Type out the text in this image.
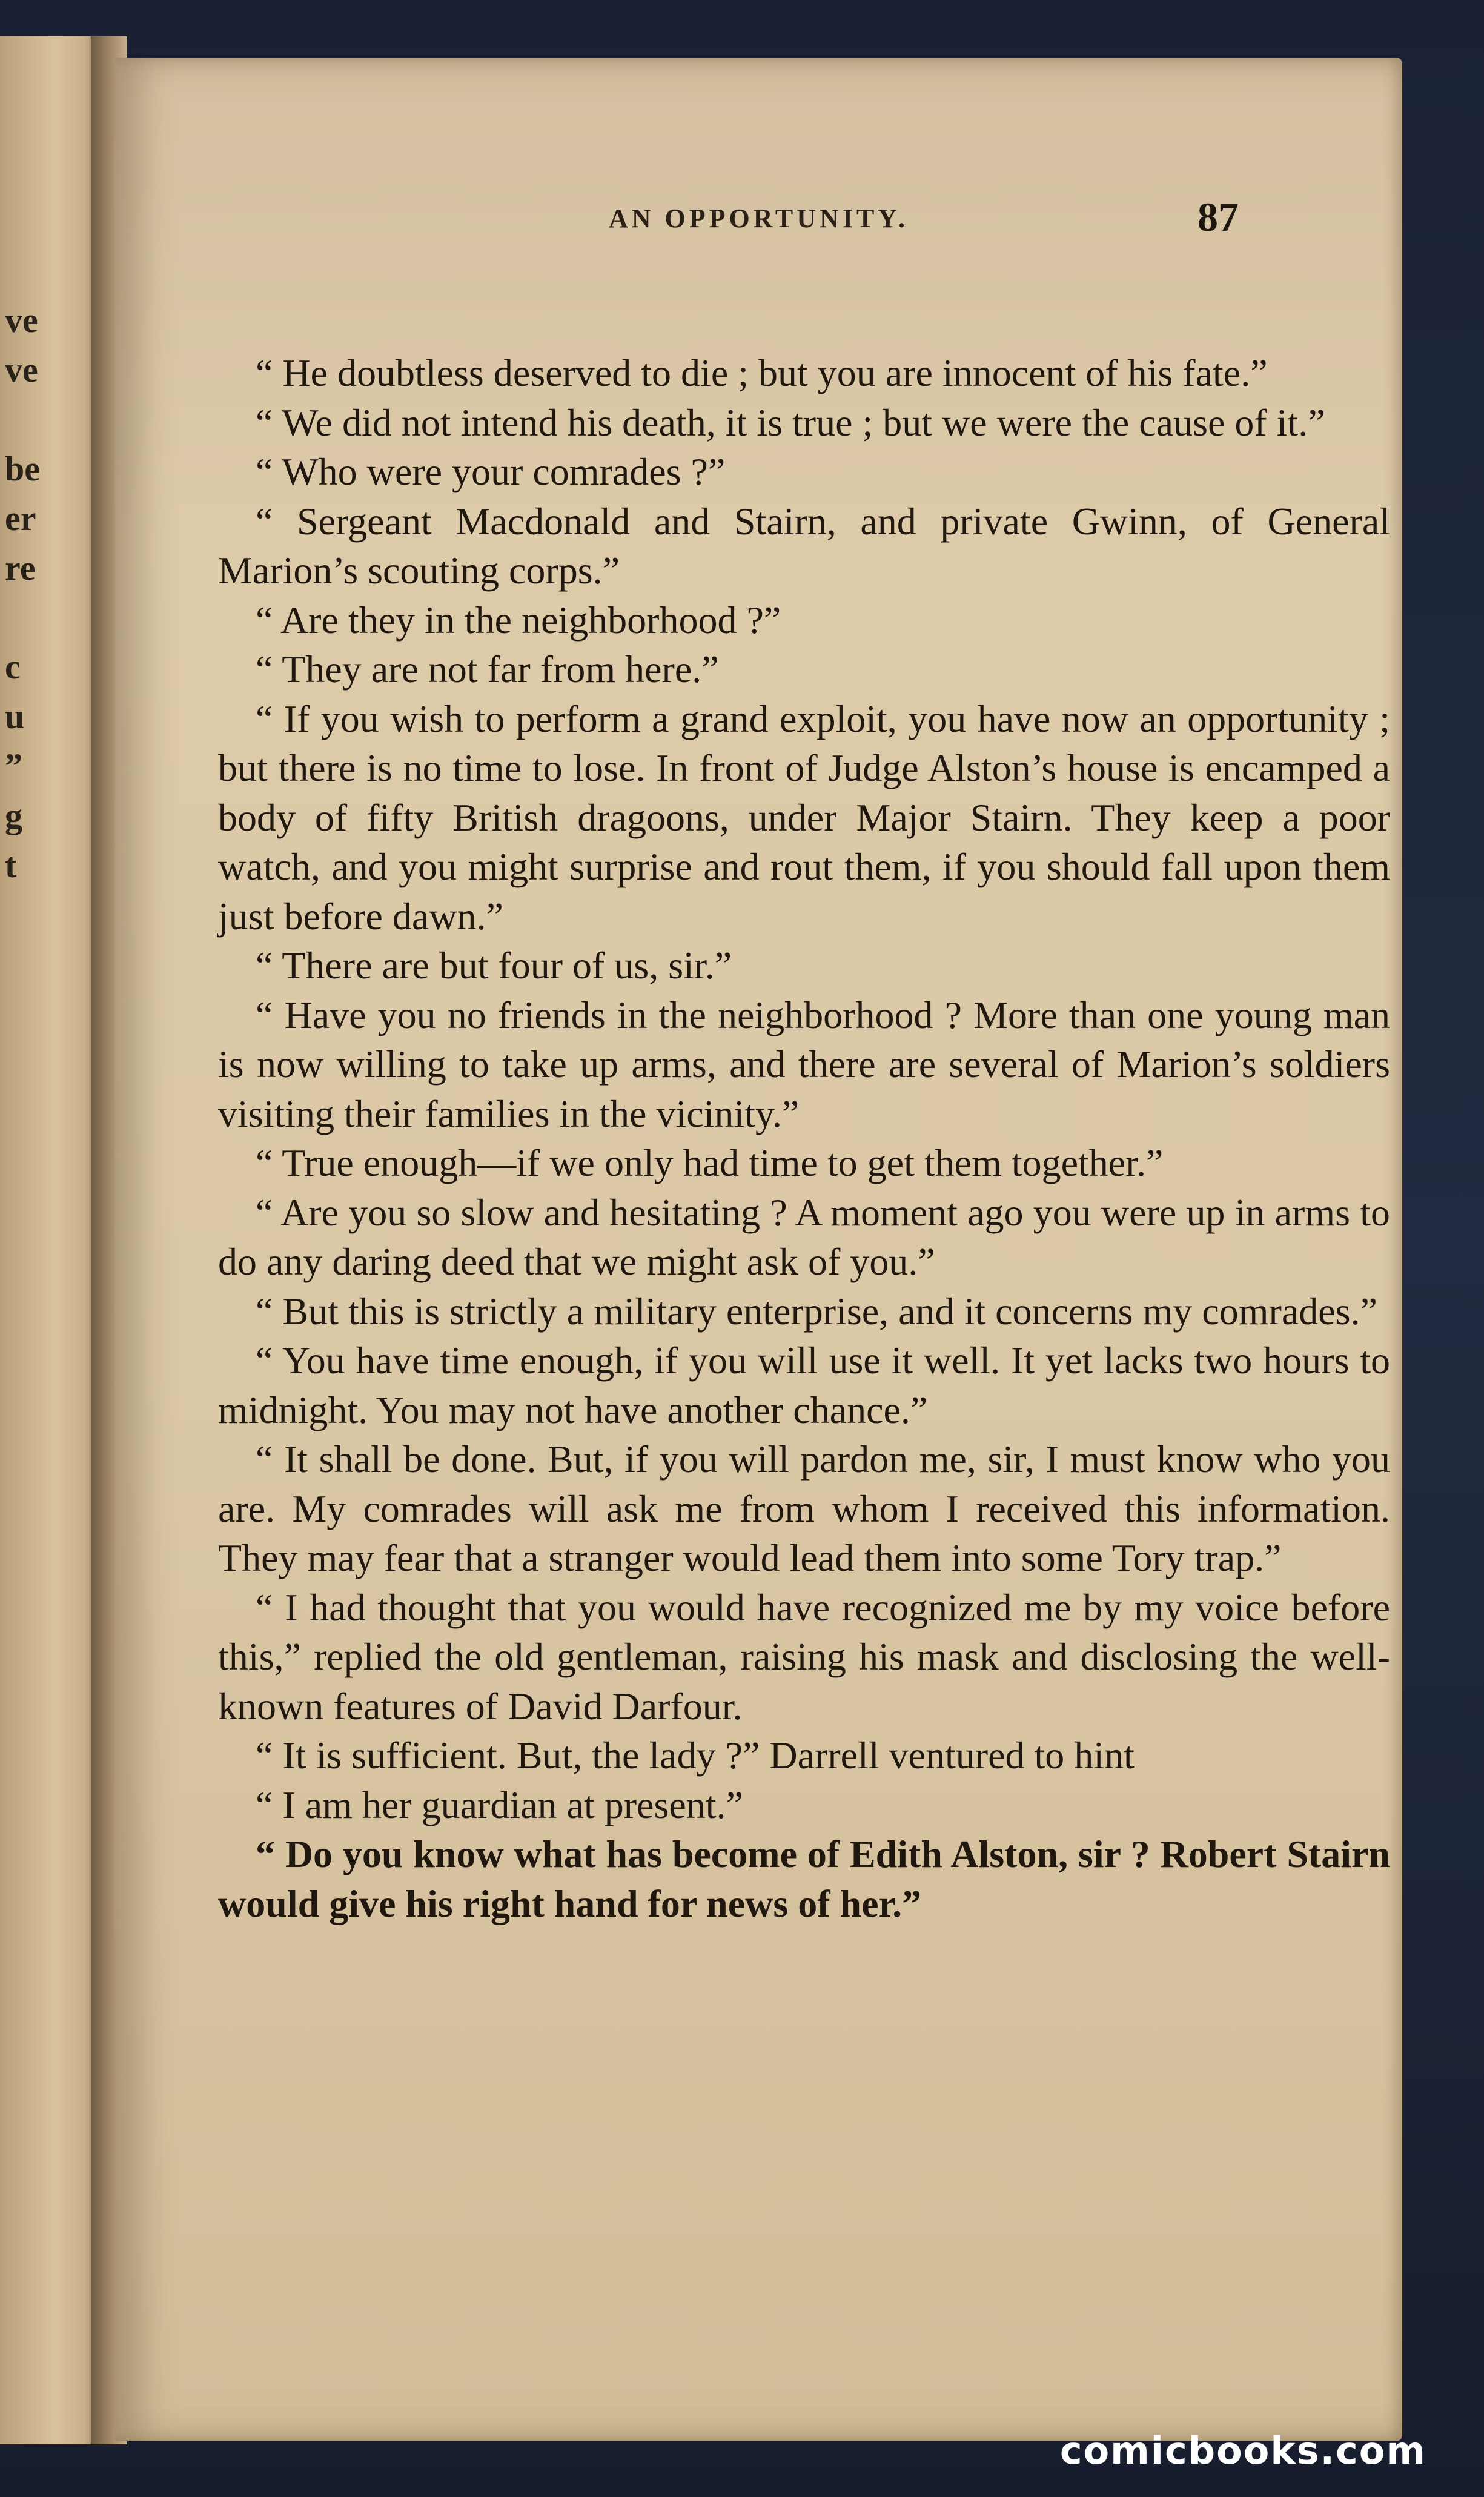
ve
ve
be
er
re
c
u
”
g
t
AN OPPORTUNITY.	87

“ He doubtless deserved to die ; but you are innocent of his fate.”

“ We did not intend his death, it is true ; but we were the cause of it.”

“ Who were your comrades ?”

“ Sergeant Macdonald and Stairn, and private Gwinn, of General Marion’s scouting corps.”

“ Are they in the neighborhood ?”

“ They are not far from here.”

“ If you wish to perform a grand exploit, you have now an opportunity ; but there is no time to lose. In front of Judge Alston’s house is encamped a body of fifty British dragoons, under Major Stairn. They keep a poor watch, and you might surprise and rout them, if you should fall upon them just before dawn.”

“ There are but four of us, sir.”

“ Have you no friends in the neighborhood ? More than one young man is now willing to take up arms, and there are several of Marion’s soldiers visiting their families in the vicinity.”

“ True enough—if we only had time to get them together.”

“ Are you so slow and hesitating ? A moment ago you were up in arms to do any daring deed that we might ask of you.”

“ But this is strictly a military enterprise, and it concerns my comrades.”

“ You have time enough, if you will use it well. It yet lacks two hours to midnight. You may not have another chance.”

“ It shall be done. But, if you will pardon me, sir, I must know who you are. My comrades will ask me from whom I received this information. They may fear that a stranger would lead them into some Tory trap.”

“ I had thought that you would have recognized me by my voice before this,” replied the old gentleman, raising his mask and disclosing the well-known features of David Darfour.

“ It is sufficient. But, the lady ?” Darrell ventured to hint

“ I am her guardian at present.”

“ Do you know what has become of Edith Alston, sir ? Robert Stairn would give his right hand for news of her.”

comicbooks.com
